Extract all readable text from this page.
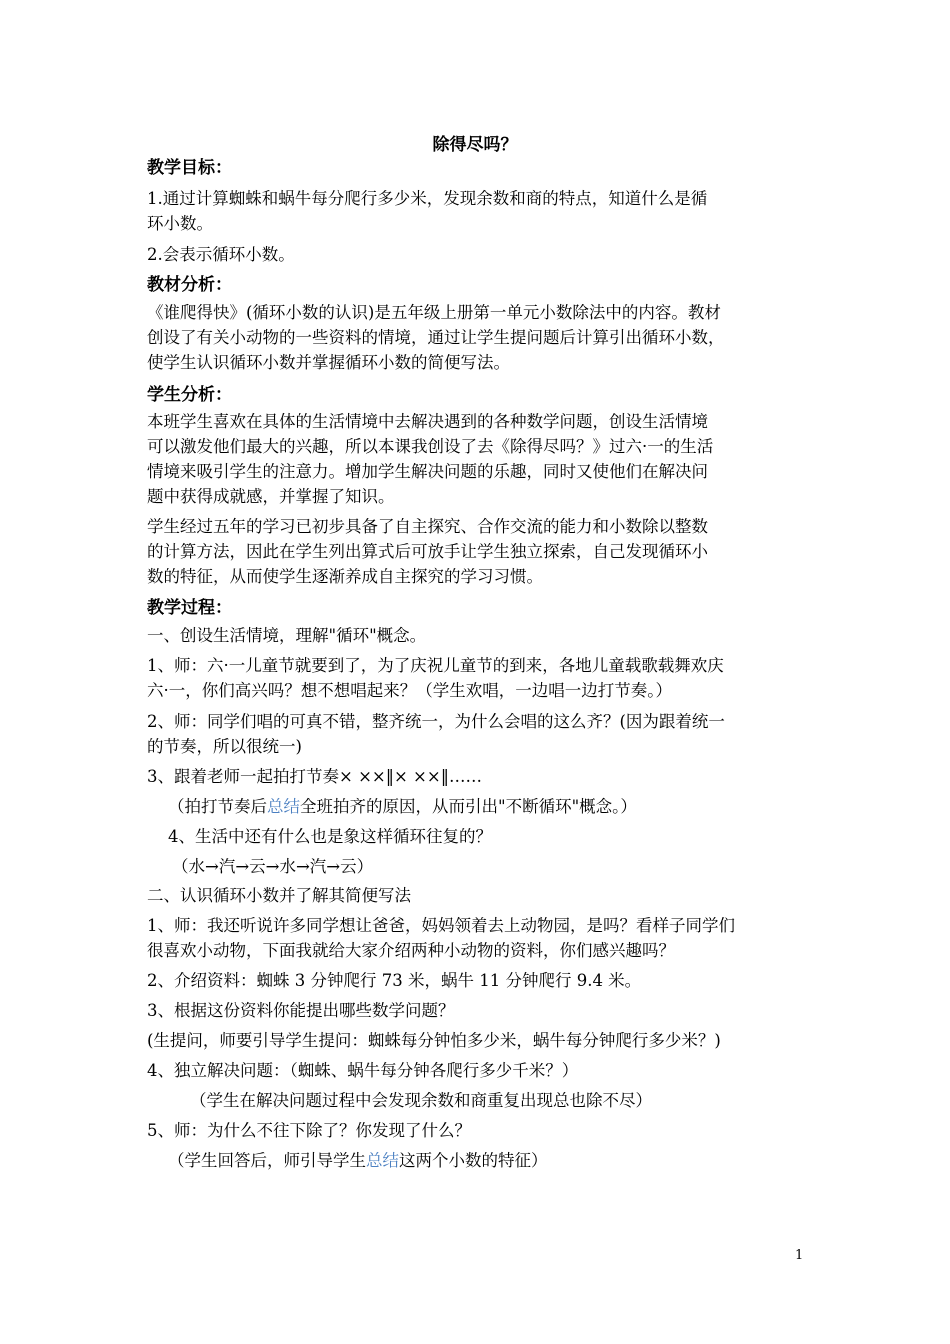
除得尽吗？
教学目标：
1.通过计算蜘蛛和蜗牛每分爬行多少米，发现余数和商的特点，知道什么是循
环小数。
2.会表示循环小数。
教材分析：
《谁爬得快》(循环小数的认识)是五年级上册第一单元小数除法中的内容。教材
创设了有关小动物的一些资料的情境，通过让学生提问题后计算引出循环小数，
使学生认识循环小数并掌握循环小数的简便写法。
学生分析：
本班学生喜欢在具体的生活情境中去解决遇到的各种数学问题，创设生活情境
可以激发他们最大的兴趣，所以本课我创设了去《除得尽吗？》过六·一的生活
情境来吸引学生的注意力。增加学生解决问题的乐趣，同时又使他们在解决问
题中获得成就感，并掌握了知识。
学生经过五年的学习已初步具备了自主探究、合作交流的能力和小数除以整数
的计算方法，因此在学生列出算式后可放手让学生独立探索，自己发现循环小
数的特征，从而使学生逐渐养成自主探究的学习习惯。
教学过程：
一、创设生活情境，理解"循环"概念。
1、师：六·一儿童节就要到了，为了庆祝儿童节的到来，各地儿童载歌载舞欢庆
六·一，你们高兴吗？想不想唱起来？（学生欢唱，一边唱一边打节奏。）
2、师：同学们唱的可真不错，整齐统一，为什么会唱的这么齐？(因为跟着统一
的节奏，所以很统一)
3、跟着老师一起拍打节奏× ××‖× ××‖……
（拍打节奏后总结全班拍齐的原因，从而引出"不断循环"概念。）
4、生活中还有什么也是象这样循环往复的？
（水→汽→云→水→汽→云）
二、认识循环小数并了解其简便写法
1、师：我还听说许多同学想让爸爸，妈妈领着去上动物园，是吗？看样子同学们
很喜欢小动物，下面我就给大家介绍两种小动物的资料，你们感兴趣吗？
2、介绍资料：蜘蛛 3 分钟爬行 73 米，蜗牛 11 分钟爬行 9.4 米。
3、根据这份资料你能提出哪些数学问题？
(生提问，师要引导学生提问：蜘蛛每分钟怕多少米，蜗牛每分钟爬行多少米？)
4、独立解决问题：（蜘蛛、蜗牛每分钟各爬行多少千米？）
（学生在解决问题过程中会发现余数和商重复出现总也除不尽）
5、师：为什么不往下除了？你发现了什么？
（学生回答后，师引导学生总结这两个小数的特征）
1
